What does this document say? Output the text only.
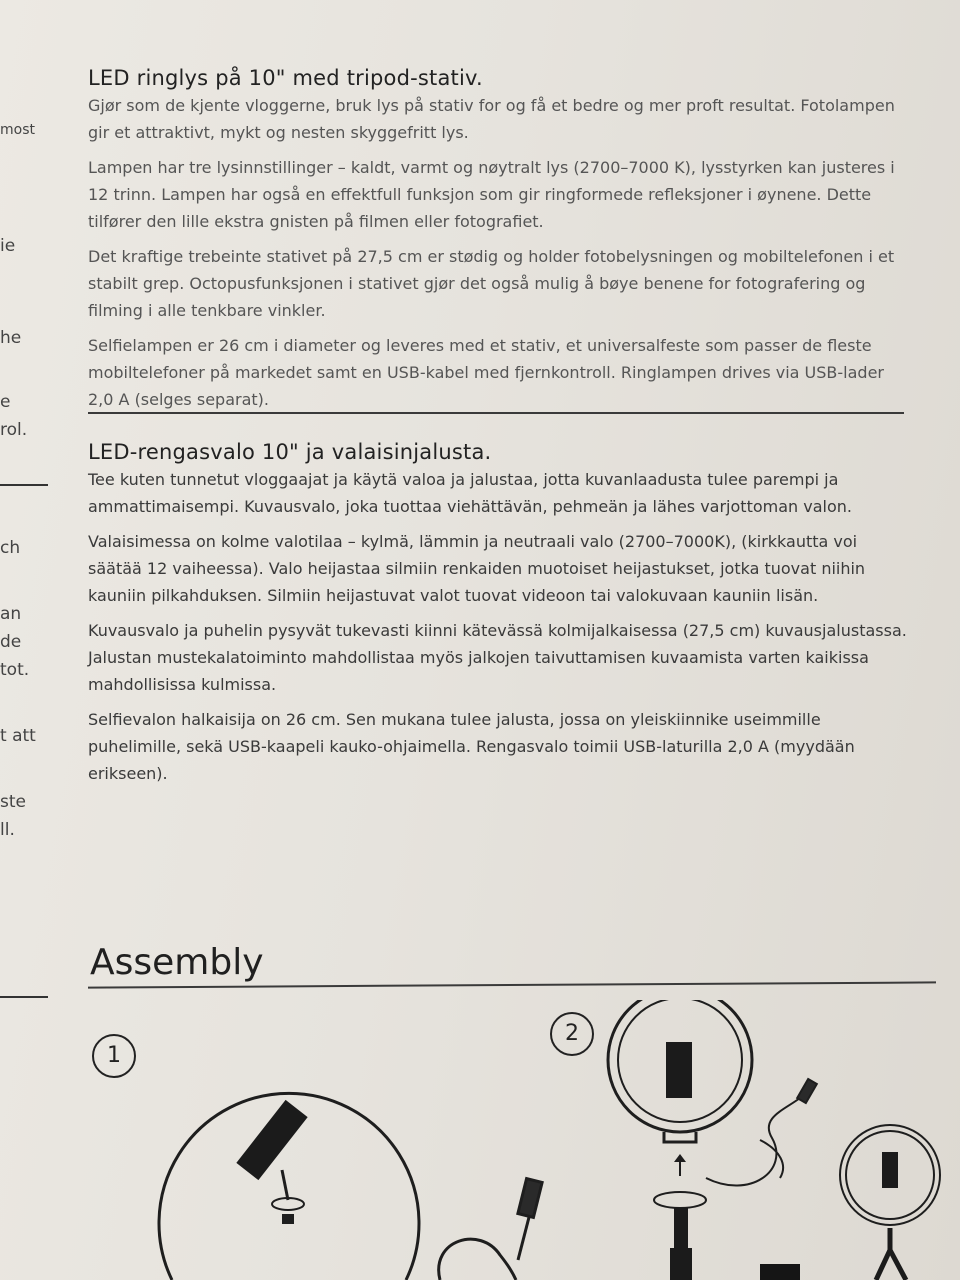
most
ie
he
e
rol.
ch
an
de
tot.
t att
ste
ll.
LED ringlys på 10" med tripod-stativ.

Gjør som de kjente vloggerne, bruk lys på stativ for og få et bedre og mer proft resultat. Fotolampen gir et attraktivt, mykt og nesten skyggefritt lys.

Lampen har tre lysinnstillinger – kaldt, varmt og nøytralt lys (2700–7000 K), lysstyrken kan justeres i 12 trinn. Lampen har også en effektfull funksjon som gir ringformede refleksjoner i øynene. Dette tilfører den lille ekstra gnisten på filmen eller fotografiet.

Det kraftige trebeinte stativet på 27,5 cm er stødig og holder fotobelysningen og mobiltelefonen i et stabilt grep. Octopusfunksjonen i stativet gjør det også mulig å bøye benene for fotografering og filming i alle tenkbare vinkler.

Selfielampen er 26 cm i diameter og leveres med et stativ, et universalfeste som passer de fleste mobiltelefoner på markedet samt en USB-kabel med fjernkontroll. Ringlampen drives via USB-lader 2,0 A (selges separat).

LED-rengasvalo 10" ja valaisinjalusta.

Tee kuten tunnetut vloggaajat ja käytä valoa ja jalustaa, jotta kuvanlaadusta tulee parempi ja ammattimaisempi. Kuvausvalo, joka tuottaa viehättävän, pehmeän ja lähes varjottoman valon.

Valaisimessa on kolme valotilaa – kylmä, lämmin ja neutraali valo (2700–7000K), (kirkkautta voi säätää 12 vaiheessa). Valo heijastaa silmiin renkaiden muotoiset heijastukset, jotka tuovat niihin kauniin pilkahduksen. Silmiin heijastuvat valot tuovat videoon tai valokuvaan kauniin lisän.

Kuvausvalo ja puhelin pysyvät tukevasti kiinni kätevässä kolmijalkaisessa (27,5 cm) kuvausjalustassa. Jalustan mustekalatoiminto mahdollistaa myös jalkojen taivuttamisen kuvaamista varten kaikissa mahdollisissa kulmissa.

Selfievalon halkaisija on 26 cm. Sen mukana tulee jalusta, jossa on yleiskiinnike useimmille puhelimille, sekä USB-kaapeli kauko-ohjaimella. Rengasvalo toimii USB-laturilla 2,0 A (myydään erikseen).

Assembly
1
2
